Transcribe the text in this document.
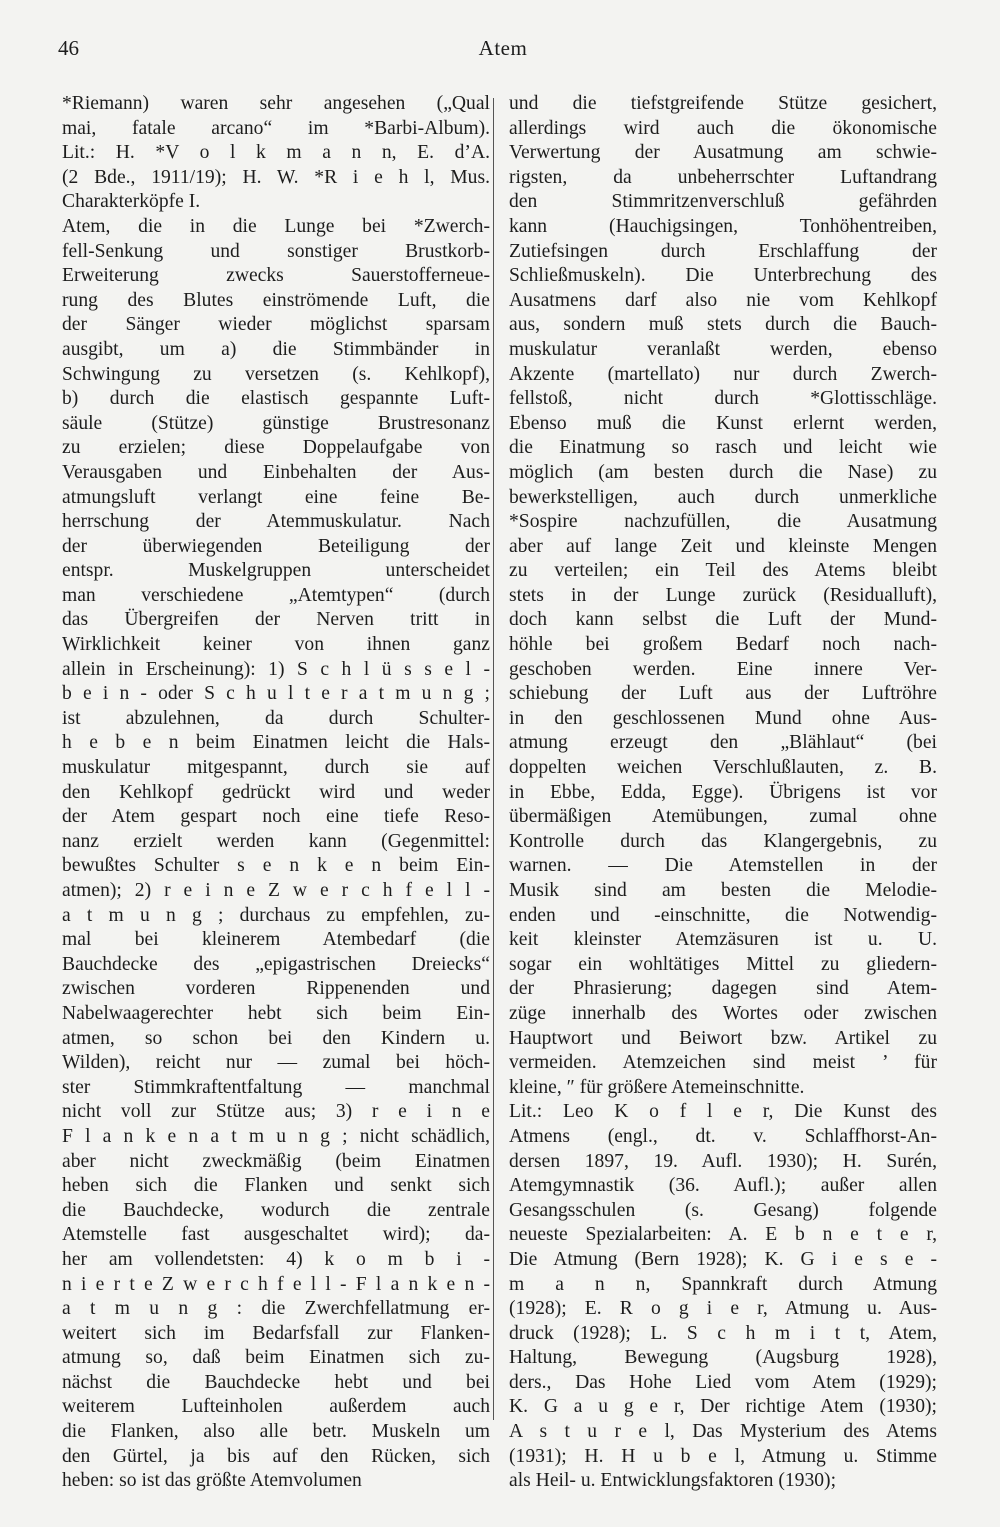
46	Atem
*Riemann) waren sehr angesehen („Qual
mai, fatale arcano“ im *Barbi-Album).
Lit.: H. *V o l k m a n n, E. d’A.
(2 Bde., 1911/19); H. W. *R i e h l, Mus.
Charakterköpfe I.
Atem, die in die Lunge bei *Zwerch-
fell-Senkung und sonstiger Brustkorb-
Erweiterung zwecks Sauerstofferneue-
rung des Blutes einströmende Luft, die
der Sänger wieder möglichst sparsam
ausgibt, um a) die Stimmbänder in
Schwingung zu versetzen (s. Kehlkopf),
b) durch die elastisch gespannte Luft-
säule (Stütze) günstige Brustresonanz
zu erzielen; diese Doppelaufgabe von
Verausgaben und Einbehalten der Aus-
atmungsluft verlangt eine feine Be-
herrschung der Atemmuskulatur. Nach
der überwiegenden Beteiligung der
entspr. Muskelgruppen unterscheidet
man verschiedene „Atemtypen“ (durch
das Übergreifen der Nerven tritt in
Wirklichkeit keiner von ihnen ganz
allein in Erscheinung): 1) S c h l ü s s e l -
b e i n - oder S c h u l t e r a t m u n g ;
ist abzulehnen, da durch Schulter-
h e b e n beim Einatmen leicht die Hals-
muskulatur mitgespannt, durch sie auf
den Kehlkopf gedrückt wird und weder
der Atem gespart noch eine tiefe Reso-
nanz erzielt werden kann (Gegenmittel:
bewußtes Schulter s e n k e n beim Ein-
atmen); 2) r e i n e Z w e r c h f e l l -
a t m u n g ; durchaus zu empfehlen, zu-
mal bei kleinerem Atembedarf (die
Bauchdecke des „epigastrischen Dreiecks“
zwischen vorderen Rippenenden und
Nabelwaagerechter hebt sich beim Ein-
atmen, so schon bei den Kindern u.
Wilden), reicht nur — zumal bei höch-
ster Stimmkraftentfaltung — manchmal
nicht voll zur Stütze aus; 3) r e i n e
F l a n k e n a t m u n g ; nicht schädlich,
aber nicht zweckmäßig (beim Einatmen
heben sich die Flanken und senkt sich
die Bauchdecke, wodurch die zentrale
Atemstelle fast ausgeschaltet wird); da-
her am vollendetsten: 4) k o m b i -
n i e r t e Z w e r c h f e l l - F l a n k e n -
a t m u n g : die Zwerchfellatmung er-
weitert sich im Bedarfsfall zur Flanken-
atmung so, daß beim Einatmen sich zu-
nächst die Bauchdecke hebt und bei
weiterem Lufteinholen außerdem auch
die Flanken, also alle betr. Muskeln um
den Gürtel, ja bis auf den Rücken, sich
heben: so ist das größte Atemvolumen
und die tiefstgreifende Stütze gesichert,
allerdings wird auch die ökonomische
Verwertung der Ausatmung am schwie-
rigsten, da unbeherrschter Luftandrang
den Stimmritzenverschluß gefährden
kann (Hauchigsingen, Tonhöhentreiben,
Zutiefsingen durch Erschlaffung der
Schließmuskeln). Die Unterbrechung des
Ausatmens darf also nie vom Kehlkopf
aus, sondern muß stets durch die Bauch-
muskulatur veranlaßt werden, ebenso
Akzente (martellato) nur durch Zwerch-
fellstoß, nicht durch *Glottisschläge.
Ebenso muß die Kunst erlernt werden,
die Einatmung so rasch und leicht wie
möglich (am besten durch die Nase) zu
bewerkstelligen, auch durch unmerkliche
*Sospire nachzufüllen, die Ausatmung
aber auf lange Zeit und kleinste Mengen
zu verteilen; ein Teil des Atems bleibt
stets in der Lunge zurück (Residualluft),
doch kann selbst die Luft der Mund-
höhle bei großem Bedarf noch nach-
geschoben werden. Eine innere Ver-
schiebung der Luft aus der Luftröhre
in den geschlossenen Mund ohne Aus-
atmung erzeugt den „Blählaut“ (bei
doppelten weichen Verschlußlauten, z. B.
in Ebbe, Edda, Egge). Übrigens ist vor
übermäßigen Atemübungen, zumal ohne
Kontrolle durch das Klangergebnis, zu
warnen. — Die Atemstellen in der
Musik sind am besten die Melodie-
enden und -einschnitte, die Notwendig-
keit kleinster Atemzäsuren ist u. U.
sogar ein wohltätiges Mittel zu gliedern-
der Phrasierung; dagegen sind Atem-
züge innerhalb des Wortes oder zwischen
Hauptwort und Beiwort bzw. Artikel zu
vermeiden. Atemzeichen sind meist ’ für
kleine, ″ für größere Atemeinschnitte.
Lit.: Leo K o f l e r, Die Kunst des
Atmens (engl., dt. v. Schlaffhorst-An-
dersen 1897, 19. Aufl. 1930); H. Surén,
Atemgymnastik (36. Aufl.); außer allen
Gesangsschulen (s. Gesang) folgende
neueste Spezialarbeiten: A. E b n e t e r,
Die Atmung (Bern 1928); K. G i e s e -
m a n n, Spannkraft durch Atmung
(1928); E. R o g i e r, Atmung u. Aus-
druck (1928); L. S c h m i t t, Atem,
Haltung, Bewegung (Augsburg 1928),
ders., Das Hohe Lied vom Atem (1929);
K. G a u g e r, Der richtige Atem (1930);
A s t u r e l, Das Mysterium des Atems
(1931); H. H u b e l, Atmung u. Stimme
als Heil- u. Entwicklungsfaktoren (1930);
